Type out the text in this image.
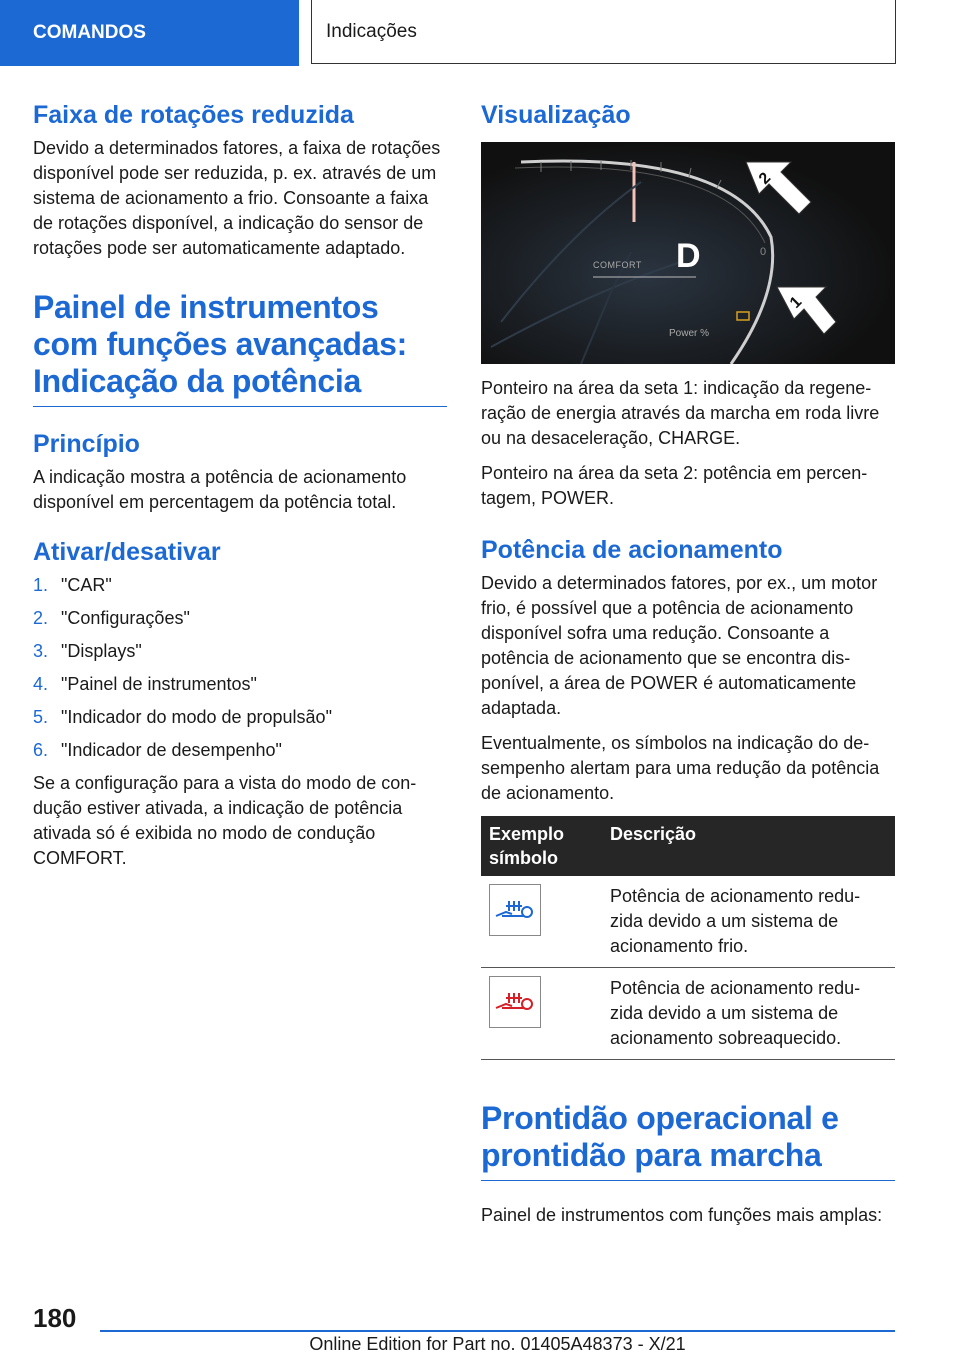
COMANDOS	Indicações
Faixa de rotações reduzida

Devido a determinados fatores, a faixa de rotações disponível pode ser reduzida, p. ex. através de um sistema de acionamento a frio. Consoante a faixa de rotações disponível, a indicação do sensor de rotações pode ser automaticamente adaptado.

Painel de instrumentos com funções avançadas: Indicação da potência
Princípio

A indicação mostra a potência de acionamento disponível em percentagem da potência total.

Ativar/desativar
1. "CAR"
2. "Configurações"
3. "Displays"
4. "Painel de instrumentos"
5. "Indicador do modo de propulsão"
6. "Indicador de desempenho"

Se a configuração para a vista do modo de condução estiver ativada, a indicação de potência ativada só é exibida no modo de condução COMFORT.

Visualização
COMFORT D
Power %
0
2
1

Ponteiro na área da seta 1: indicação da regeneração de energia através da marcha em roda livre ou na desaceleração, CHARGE.

Ponteiro na área da seta 2: potência em percentagem, POWER.

Potência de acionamento

Devido a determinados fatores, por ex., um motor frio, é possível que a potência de acionamento disponível sofra uma redução. Consoante a potência de acionamento que se encontra disponível, a área de POWER é automaticamente adaptada.

Eventualmente, os símbolos na indicação do desempenho alertam para uma redução da potência de acionamento.

Exemplo símbolo	Descrição

	Potência de acionamento reduzida devido a um sistema de acionamento frio.

	Potência de acionamento reduzida devido a um sistema de acionamento sobreaquecido.
Prontidão operacional e prontidão para marcha

Painel de instrumentos com funções mais amplas:

180
Online Edition for Part no. 01405A48373 - X/21
